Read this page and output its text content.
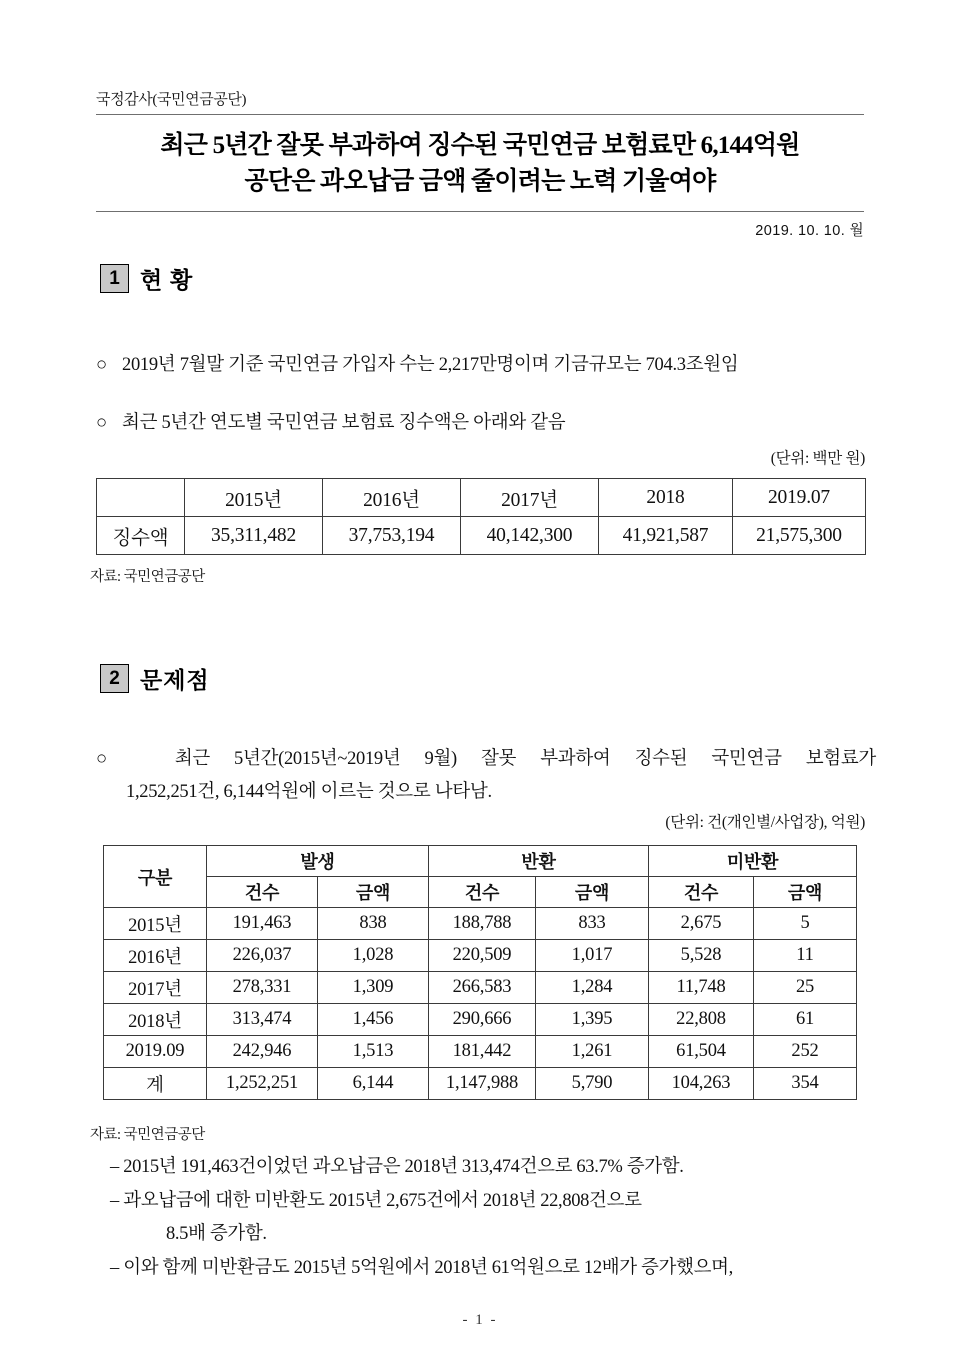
국정감사(국민연금공단)
최근 5년간 잘못 부과하여 징수된 국민연금 보험료만 6,144억원
공단은 과오납금 금액 줄이려는 노력 기울여야
2019. 10. 10. 월
1 현 황
○ 2019년 7월말 기준 국민연금 가입자 수는 2,217만명이며 기금규모는 704.3조원임
○ 최근 5년간 연도별 국민연금 보험료 징수액은 아래와 같음
(단위: 백만 원)
	2015년	2016년	2017년	2018	2019.07
징수액	35,311,482	37,753,194	40,142,300	41,921,587	21,575,300
자료: 국민연금공단
2 문제점
○	최근 5년간(2015년~2019년 9월) 잘못 부과하여 징수된 국민연금 보험료가
1,252,251건, 6,144억원에 이르는 것으로 나타남.
(단위: 건(개인별/사업장), 억원)
구분	발생		반환		미반환	
	건수	금액	건수	금액	건수	금액
2015년	191,463	838	188,788	833	2,675	5
2016년	226,037	1,028	220,509	1,017	5,528	11
2017년	278,331	1,309	266,583	1,284	11,748	25
2018년	313,474	1,456	290,666	1,395	22,808	61
2019.09	242,946	1,513	181,442	1,261	61,504	252
계	1,252,251	6,144	1,147,988	5,790	104,263	354
자료: 국민연금공단
– 2015년 191,463건이었던 과오납금은 2018년 313,474건으로 63.7% 증가함.
– 과오납금에 대한 미반환도 2015년 2,675건에서 2018년 22,808건으로
8.5배 증가함.
– 이와 함께 미반환금도 2015년 5억원에서 2018년 61억원으로 12배가 증가했으며,
- 1 -
